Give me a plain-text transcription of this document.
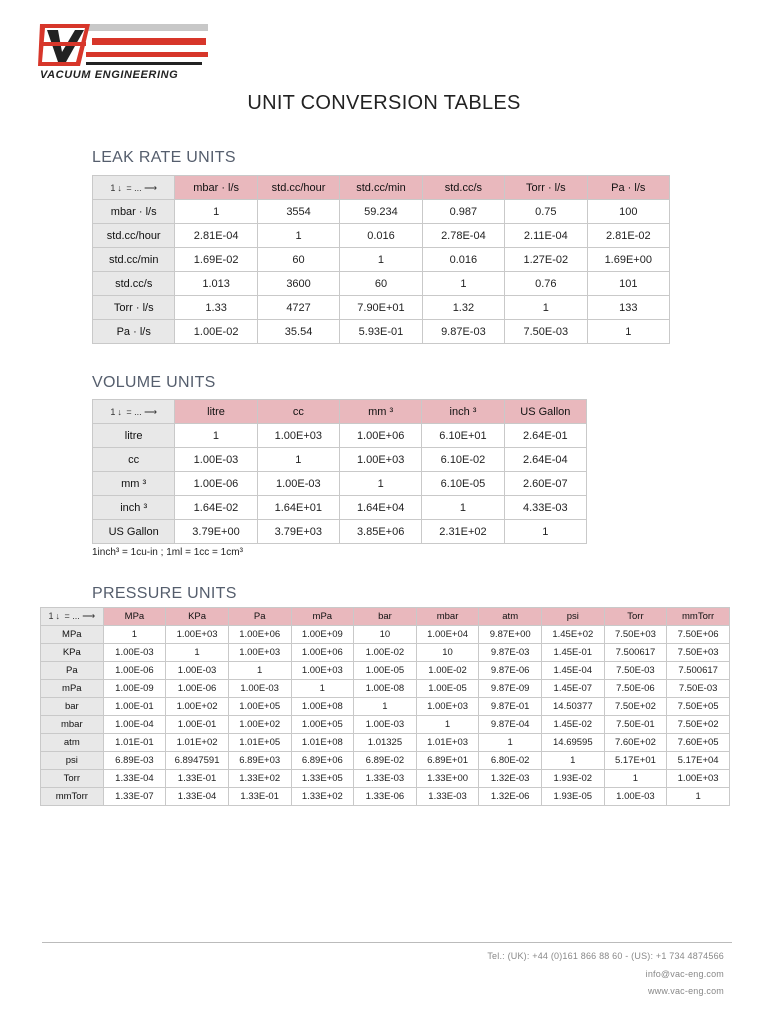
VACUUM ENGINEERING
UNIT CONVERSION TABLES
LEAK RATE UNITS
1 ↓ = ... ⟶	mbar · l/s	std.cc/hour	std.cc/min	std.cc/s	Torr · l/s	Pa · l/s
mbar · l/s	1	3554	59.234	0.987	0.75	100
std.cc/hour	2.81E-04	1	0.016	2.78E-04	2.11E-04	2.81E-02
std.cc/min	1.69E-02	60	1	0.016	1.27E-02	1.69E+00
std.cc/s	1.013	3600	60	1	0.76	101
Torr · l/s	1.33	4727	7.90E+01	1.32	1	133
Pa · l/s	1.00E-02	35.54	5.93E-01	9.87E-03	7.50E-03	1
VOLUME UNITS
1 ↓ = ... ⟶	litre	cc	mm ³	inch ³	US Gallon
litre	1	1.00E+03	1.00E+06	6.10E+01	2.64E-01
cc	1.00E-03	1	1.00E+03	6.10E-02	2.64E-04
mm ³	1.00E-06	1.00E-03	1	6.10E-05	2.60E-07
inch ³	1.64E-02	1.64E+01	1.64E+04	1	4.33E-03
US Gallon	3.79E+00	3.79E+03	3.85E+06	2.31E+02	1
1inch³ = 1cu-in ; 1ml = 1cc = 1cm³
PRESSURE UNITS
1 ↓ = ... ⟶	MPa	KPa	Pa	mPa	bar	mbar	atm	psi	Torr	mmTorr
MPa	1	1.00E+03	1.00E+06	1.00E+09	10	1.00E+04	9.87E+00	1.45E+02	7.50E+03	7.50E+06
KPa	1.00E-03	1	1.00E+03	1.00E+06	1.00E-02	10	9.87E-03	1.45E-01	7.500617	7.50E+03
Pa	1.00E-06	1.00E-03	1	1.00E+03	1.00E-05	1.00E-02	9.87E-06	1.45E-04	7.50E-03	7.500617
mPa	1.00E-09	1.00E-06	1.00E-03	1	1.00E-08	1.00E-05	9.87E-09	1.45E-07	7.50E-06	7.50E-03
bar	1.00E-01	1.00E+02	1.00E+05	1.00E+08	1	1.00E+03	9.87E-01	14.50377	7.50E+02	7.50E+05
mbar	1.00E-04	1.00E-01	1.00E+02	1.00E+05	1.00E-03	1	9.87E-04	1.45E-02	7.50E-01	7.50E+02
atm	1.01E-01	1.01E+02	1.01E+05	1.01E+08	1.01325	1.01E+03	1	14.69595	7.60E+02	7.60E+05
psi	6.89E-03	6.8947591	6.89E+03	6.89E+06	6.89E-02	6.89E+01	6.80E-02	1	5.17E+01	5.17E+04
Torr	1.33E-04	1.33E-01	1.33E+02	1.33E+05	1.33E-03	1.33E+00	1.32E-03	1.93E-02	1	1.00E+03
mmTorr	1.33E-07	1.33E-04	1.33E-01	1.33E+02	1.33E-06	1.33E-03	1.32E-06	1.93E-05	1.00E-03	1
Tel.: (UK): +44 (0)161 866 88 60 - (US): +1 734 4874566
info@vac-eng.com
www.vac-eng.com
